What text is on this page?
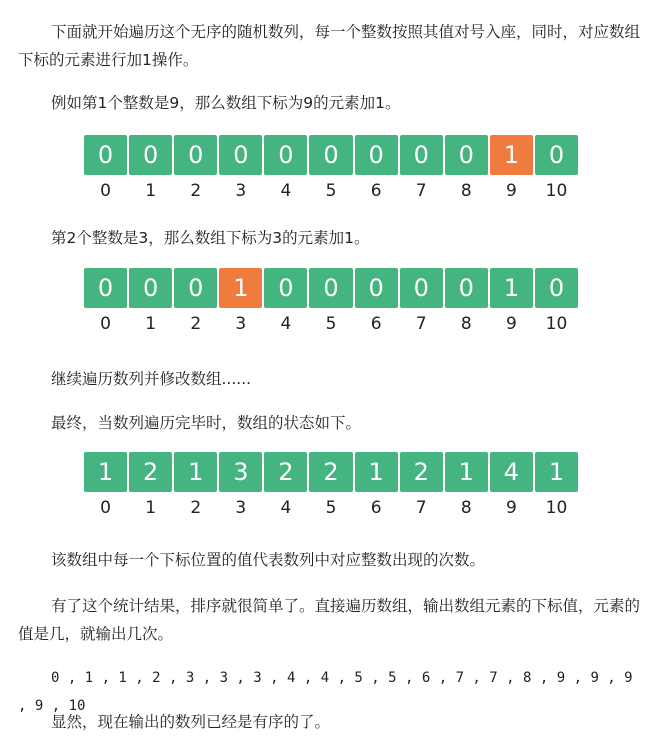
下面就开始遍历这个无序的随机数列，每一个整数按照其值对号入座，同时，对应数组下标的元素进行加1操作。

例如第1个整数是9，那么数组下标为9的元素加1。

0	0	0	0	0	0	0	0	0	1	0
0	1	2	3	4	5	6	7	8	9	10

第2个整数是3，那么数组下标为3的元素加1。

0	0	0	1	0	0	0	0	0	1	0
0	1	2	3	4	5	6	7	8	9	10

继续遍历数列并修改数组......

最终，当数列遍历完毕时，数组的状态如下。

1	2	1	3	2	2	1	2	1	4	1
0	1	2	3	4	5	6	7	8	9	10

该数组中每一个下标位置的值代表数列中对应整数出现的次数。

有了这个统计结果，排序就很简单了。直接遍历数组，输出数组元素的下标值，元素的值是几，就输出几次。

0 , 1 , 1 , 2 , 3 , 3 , 3 , 4 , 4 , 5 , 5 , 6 , 7 , 7 , 8 , 9 , 9 , 9 , 9 , 10

显然，现在输出的数列已经是有序的了。
